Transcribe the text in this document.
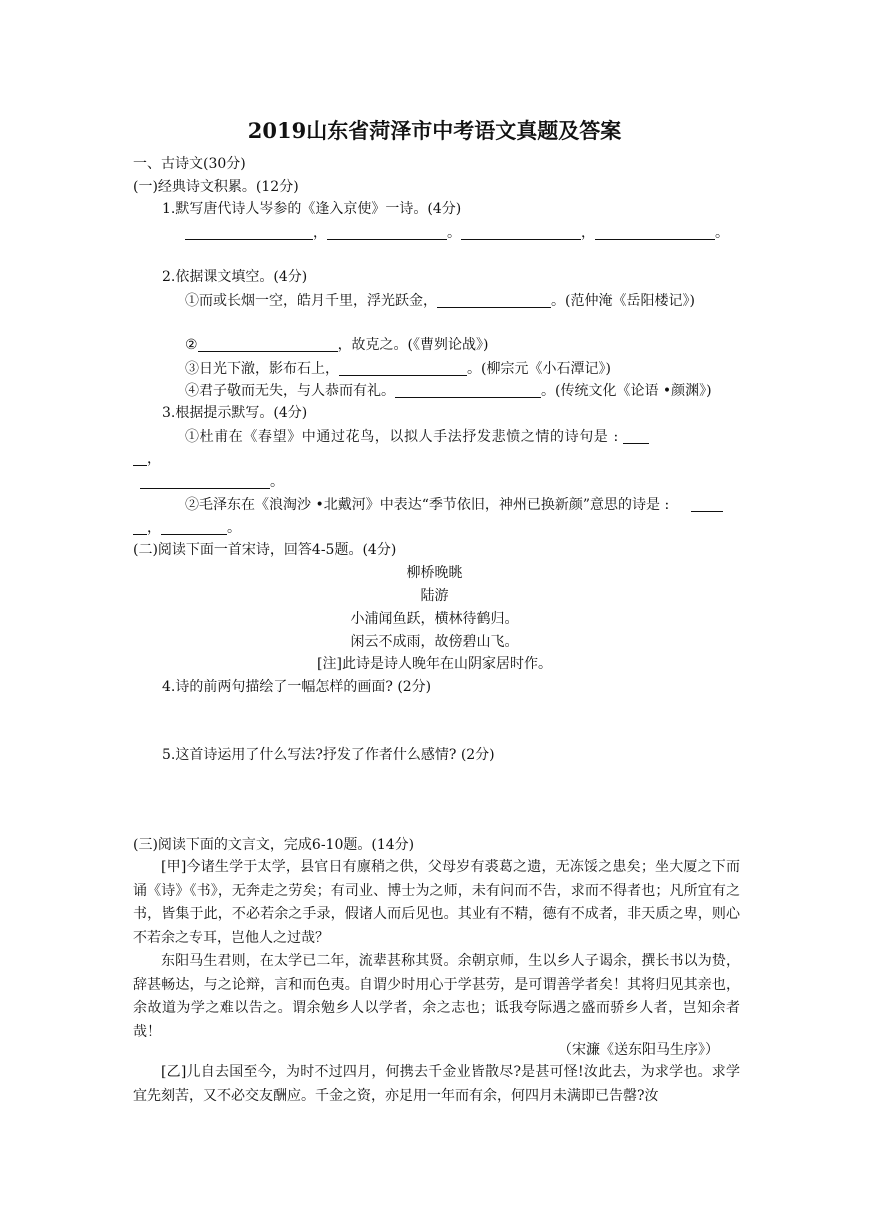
2019山东省菏泽市中考语文真题及答案
一、古诗文(30分)
(一)经典诗文积累。(12分)
1.默写唐代诗人岑参的《逢入京使》一诗。(4分)
，	。	，	。
2.依据课文填空。(4分)
①而或长烟一空，皓月千里，浮光跃金，	。(范仲淹《岳阳楼记》)
②	，故克之。(《曹刿论战》)
③日光下澈，影布石上，	。(柳宗元《小石潭记》)
④君子敬而无失，与人恭而有礼。	。(传统文化《论语 •颜渊》)
3.根据提示默写。(4分)
①杜甫在《春望》中通过花鸟，以拟人手法抒发悲愤之情的诗句是 :
，
。
②毛泽东在《浪淘沙 •北戴河》中表达“季节依旧，神州已换新颜”意思的诗是 :
，	。
(二)阅读下面一首宋诗，回答4-5题。(4分)
柳桥晚眺
陆游
小浦闻鱼跃，横林待鹤归。
闲云不成雨，故傍碧山飞。
[注]此诗是诗人晚年在山阴家居时作。
4.诗的前两句描绘了一幅怎样的画面? (2分)
5.这首诗运用了什么写法?抒发了作者什么感情? (2分)
(三)阅读下面的文言文，完成6-10题。(14分)

[甲]今诸生学于太学，县官日有廪稍之供，父母岁有裘葛之遗，无冻馁之患矣；坐大厦之下而诵《诗》《书》，无奔走之劳矣；有司业、博士为之师，未有问而不告，求而不得者也；凡所宜有之书，皆集于此，不必若余之手录，假诸人而后见也。其业有不精，德有不成者，非天质之卑，则心不若余之专耳，岂他人之过哉？

东阳马生君则，在太学已二年，流辈甚称其贤。余朝京师，生以乡人子谒余，撰长书以为贽，辞甚畅达，与之论辩，言和而色夷。自谓少时用心于学甚劳，是可谓善学者矣！其将归见其亲也，余故道为学之难以告之。谓余勉乡人以学者，余之志也；诋我夸际遇之盛而骄乡人者，岂知余者哉！

（宋濂《送东阳马生序》）

[乙]儿自去国至今，为时不过四月，何携去千金业皆散尽?是甚可怪!汝此去，为求学也。求学宜先刻苦，又不必交友酬应。千金之资，亦足用一年而有余，何四月未满即已告罄?汝
